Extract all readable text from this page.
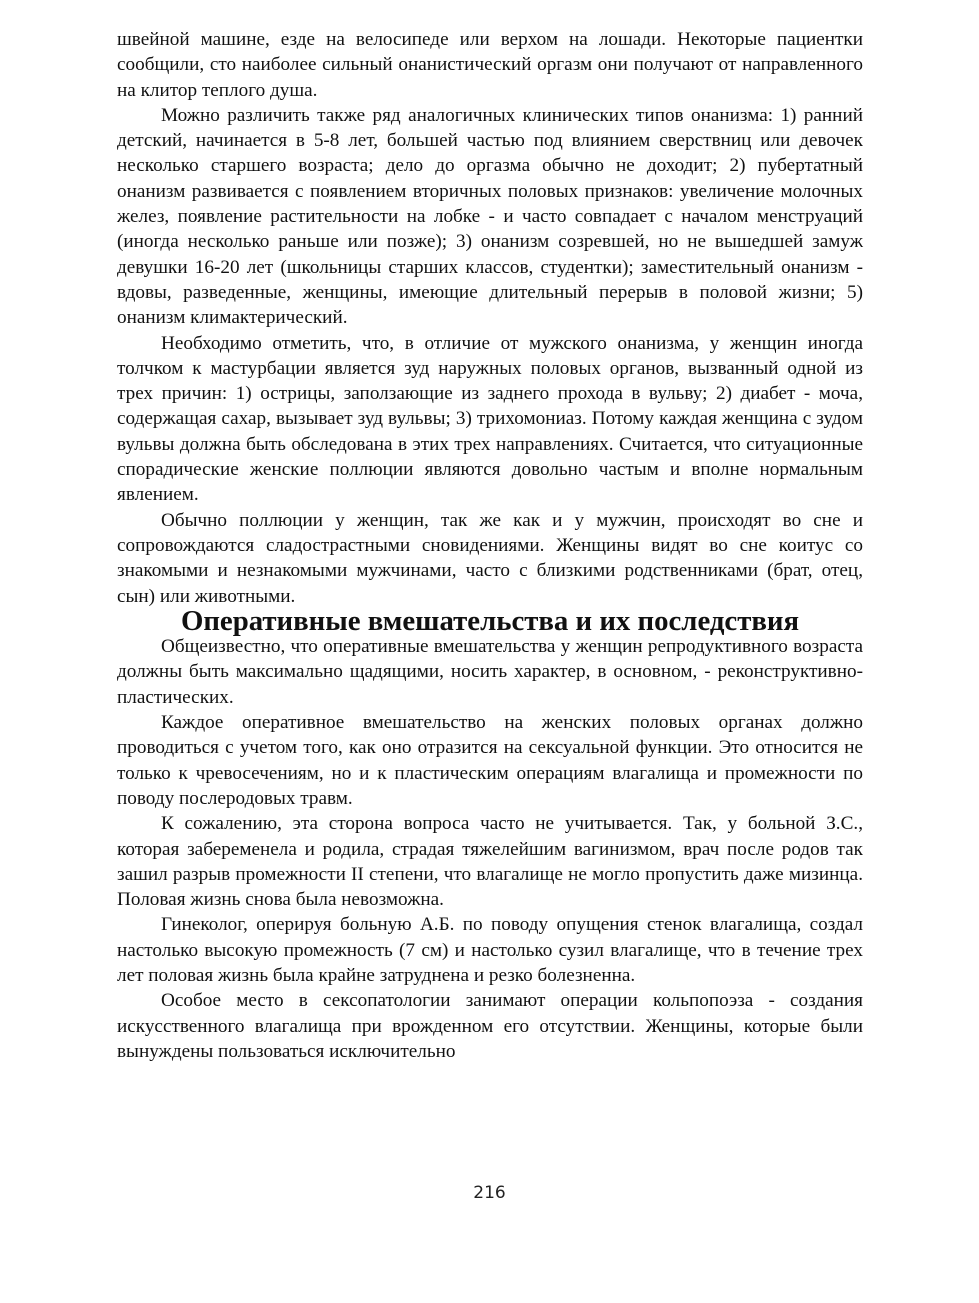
швейной машине, езде на велосипеде или верхом на лошади. Некоторые пациентки сообщили, сто наиболее сильный онанистический оргазм они получают от направленного на клитор теплого душа.

Можно различить также ряд аналогичных клинических типов онанизма: 1) ранний детский, начинается в 5-8 лет, большей частью под влиянием сверствниц или девочек несколько старшего возраста; дело до оргазма обычно не доходит; 2) пубертатный онанизм развивается с появлением вторичных половых признаков: увеличение молочных желез, появление растительности на лобке - и часто совпадает с началом менструаций (иногда несколько раньше или позже); 3) онанизм созревшей, но не вышедшей замуж девушки 16-20 лет (школьницы старших классов, студентки); заместительный онанизм - вдовы, разведенные, женщины, имеющие длительный перерыв в половой жизни; 5) онанизм климактерический.

Необходимо отметить, что, в отличие от мужского онанизма, у женщин иногда толчком к мастурбации является зуд наружных половых органов, вызванный одной из трех причин: 1) острицы, заползающие из заднего прохода в вульву; 2) диабет - моча, содержащая сахар, вызывает зуд вульвы; 3) трихомониаз. Потому каждая женщина с зудом вульвы должна быть обследована в этих трех направлениях. Считается, что ситуационные спорадические женские поллюции являются довольно частым и вполне нормальным явлением.

Обычно поллюции у женщин, так же как и у мужчин, происходят во сне и сопровождаются сладострастными сновидениями. Женщины видят во сне коитус со знакомыми и незнакомыми мужчинами, часто с близкими родственниками (брат, отец, сын) или животными.

Оперативные вмешательства и их последствия

Общеизвестно, что оперативные вмешательства у женщин репродуктивного возраста должны быть максимально щадящими, носить характер, в основном, - реконструктивно-пластических.

Каждое оперативное вмешательство на женских половых органах должно проводиться с учетом того, как оно отразится на сексуальной функции. Это относится не только к чревосечениям, но и к пластическим операциям влагалища и промежности по поводу послеродовых травм.

К сожалению, эта сторона вопроса часто не учитывается. Так, у больной З.С., которая забеременела и родила, страдая тяжелейшим вагинизмом, врач после родов так зашил разрыв промежности II степени, что влагалище не могло пропустить даже мизинца. Половая жизнь снова была невозможна.

Гинеколог, оперируя больную А.Б. по поводу опущения стенок влагалища, создал настолько высокую промежность (7 см) и настолько сузил влагалище, что в течение трех лет половая жизнь была крайне затруднена и резко болезненна.

Особое место в сексопатологии занимают операции кольпопоэза - создания искусственного влагалища при врожденном его отсутствии. Женщины, которые были вынуждены пользоваться исключительно

216
